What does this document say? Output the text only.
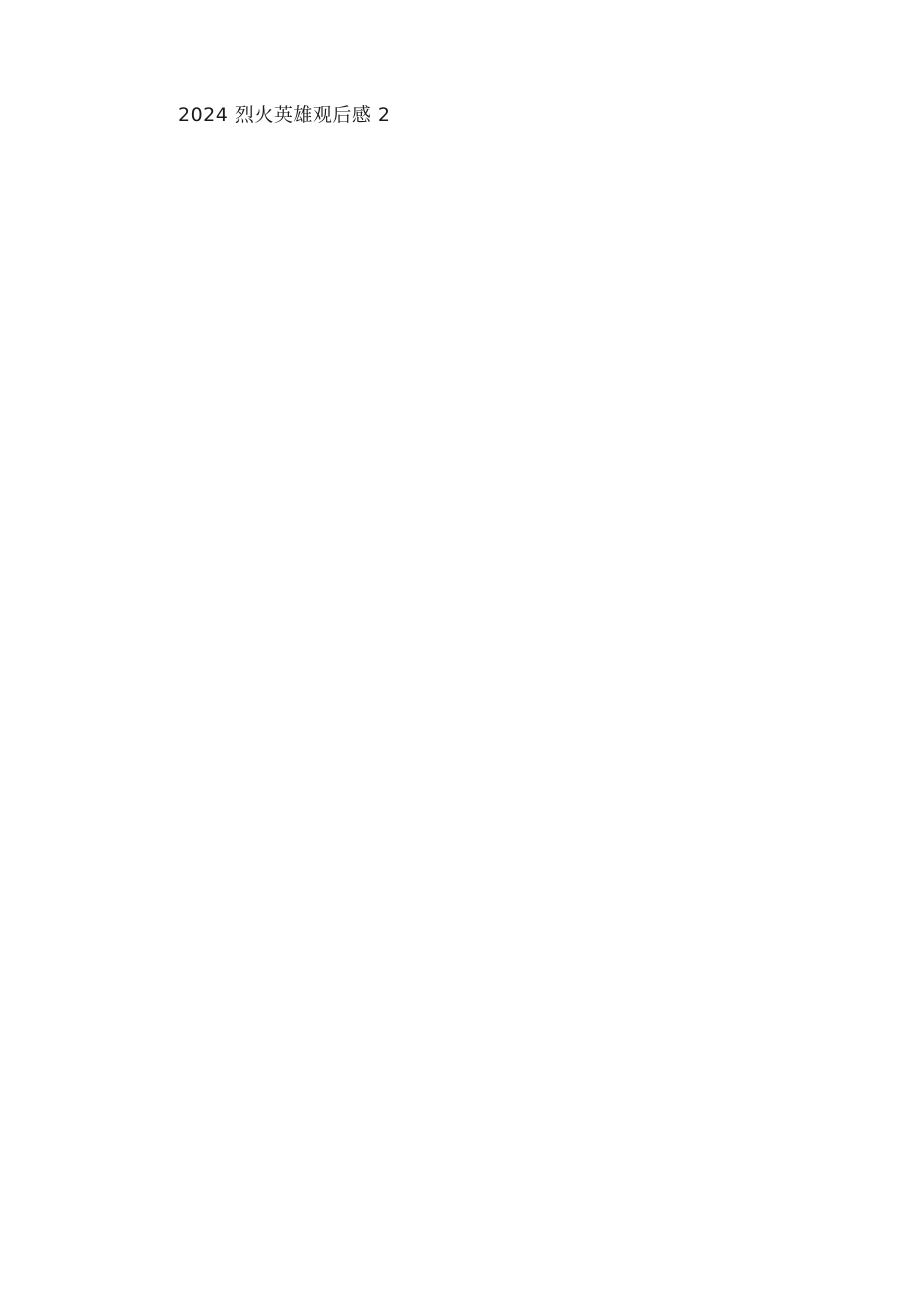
2024 烈火英雄观后感 2
